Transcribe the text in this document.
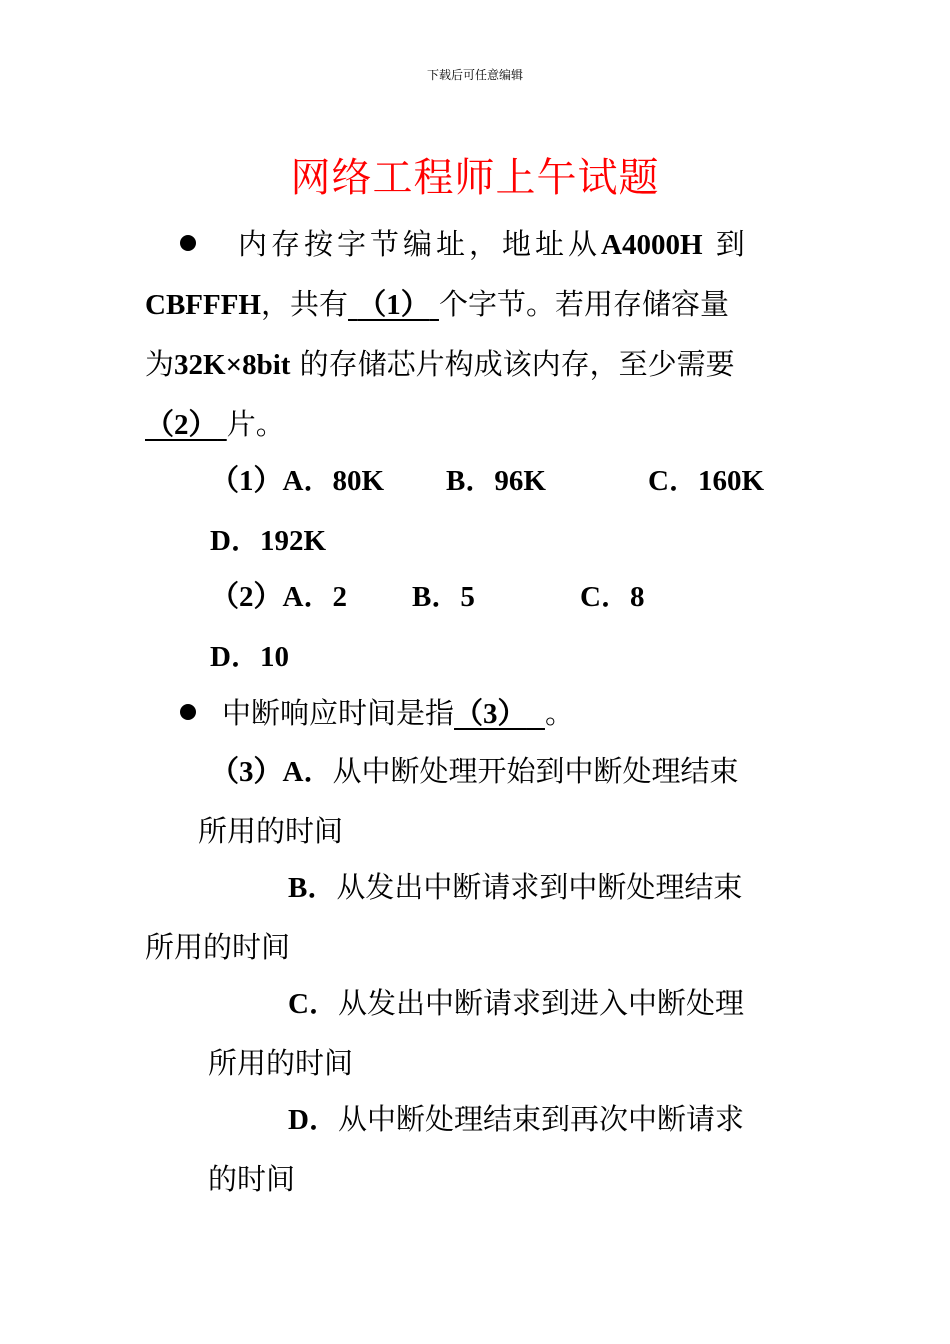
下载后可任意编辑
网络工程师上午试题
内存按字节编址，地址从A4000H 到
CBFFFH，共有 （1） 个字节。若用存储容量
为32K×8bit 的存储芯片构成该内存，至少需要
（2） 片。
（1）A．80K B．96K	C．160K
D．192K
（2）A．2 B．5	C．8
D．10
中断响应时间是指（3） 。
（3）A．从中断处理开始到中断处理结束
所用的时间
B．从发出中断请求到中断处理结束
所用的时间
C．从发出中断请求到进入中断处理
所用的时间
D．从中断处理结束到再次中断请求
的时间
